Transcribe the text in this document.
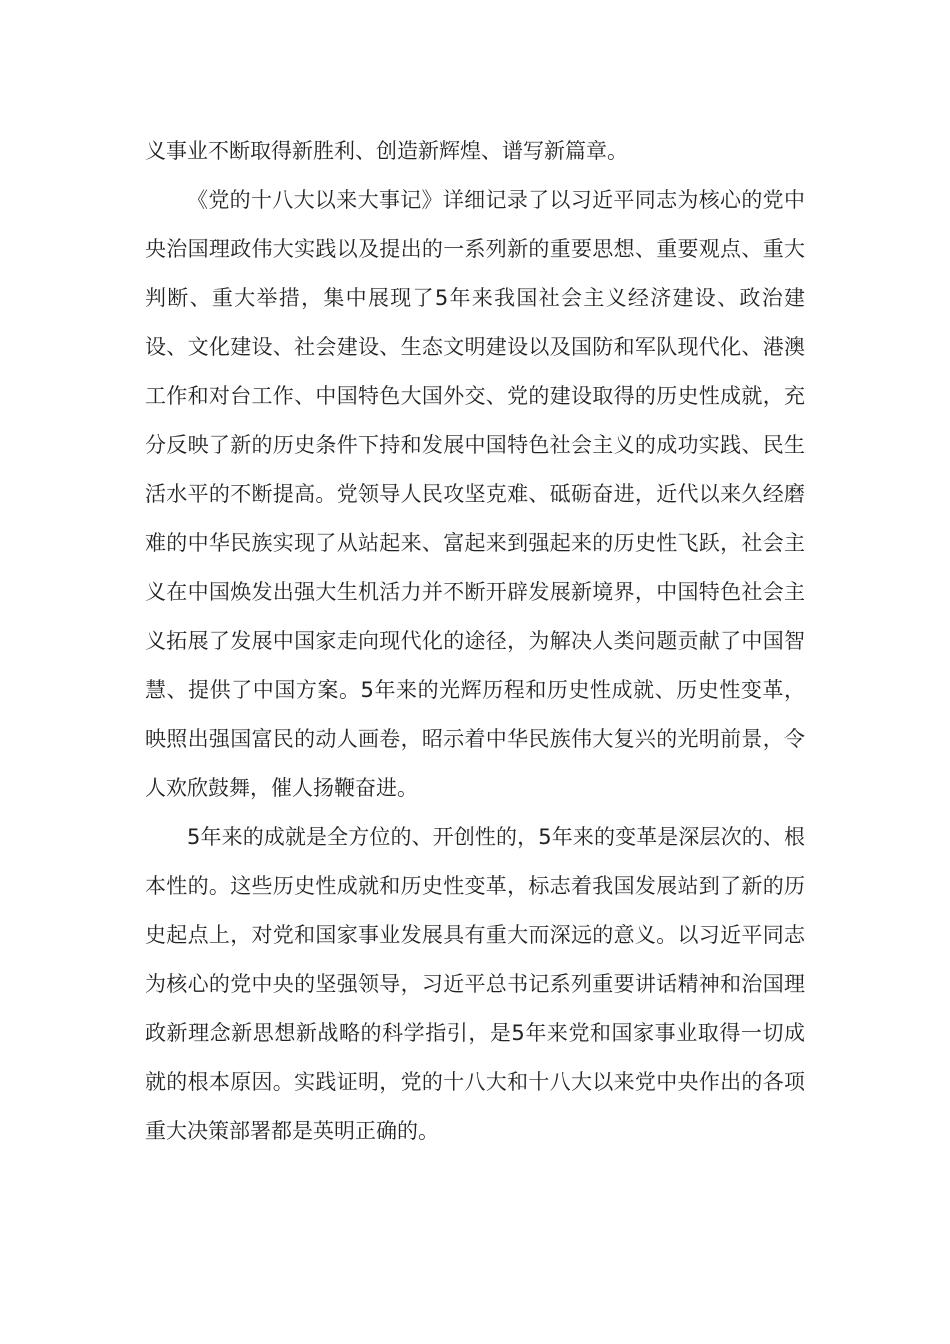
义事业不断取得新胜利、创造新辉煌、谱写新篇章。

《党的十八大以来大事记》详细记录了以习近平同志为核心的党中央治国理政伟大实践以及提出的一系列新的重要思想、重要观点、重大判断、重大举措，集中展现了5年来我国社会主义经济建设、政治建设、文化建设、社会建设、生态文明建设以及国防和军队现代化、港澳工作和对台工作、中国特色大国外交、党的建设取得的历史性成就，充分反映了新的历史条件下持和发展中国特色社会主义的成功实践、民生活水平的不断提高。党领导人民攻坚克难、砥砺奋进，近代以来久经磨难的中华民族实现了从站起来、富起来到强起来的历史性飞跃，社会主义在中国焕发出强大生机活力并不断开辟发展新境界，中国特色社会主义拓展了发展中国家走向现代化的途径，为解决人类问题贡献了中国智慧、提供了中国方案。5年来的光辉历程和历史性成就、历史性变革，映照出强国富民的动人画卷，昭示着中华民族伟大复兴的光明前景，令人欢欣鼓舞，催人扬鞭奋进。

5年来的成就是全方位的、开创性的，5年来的变革是深层次的、根本性的。这些历史性成就和历史性变革，标志着我国发展站到了新的历史起点上，对党和国家事业发展具有重大而深远的意义。以习近平同志为核心的党中央的坚强领导，习近平总书记系列重要讲话精神和治国理政新理念新思想新战略的科学指引，是5年来党和国家事业取得一切成就的根本原因。实践证明，党的十八大和十八大以来党中央作出的各项重大决策部署都是英明正确的。
